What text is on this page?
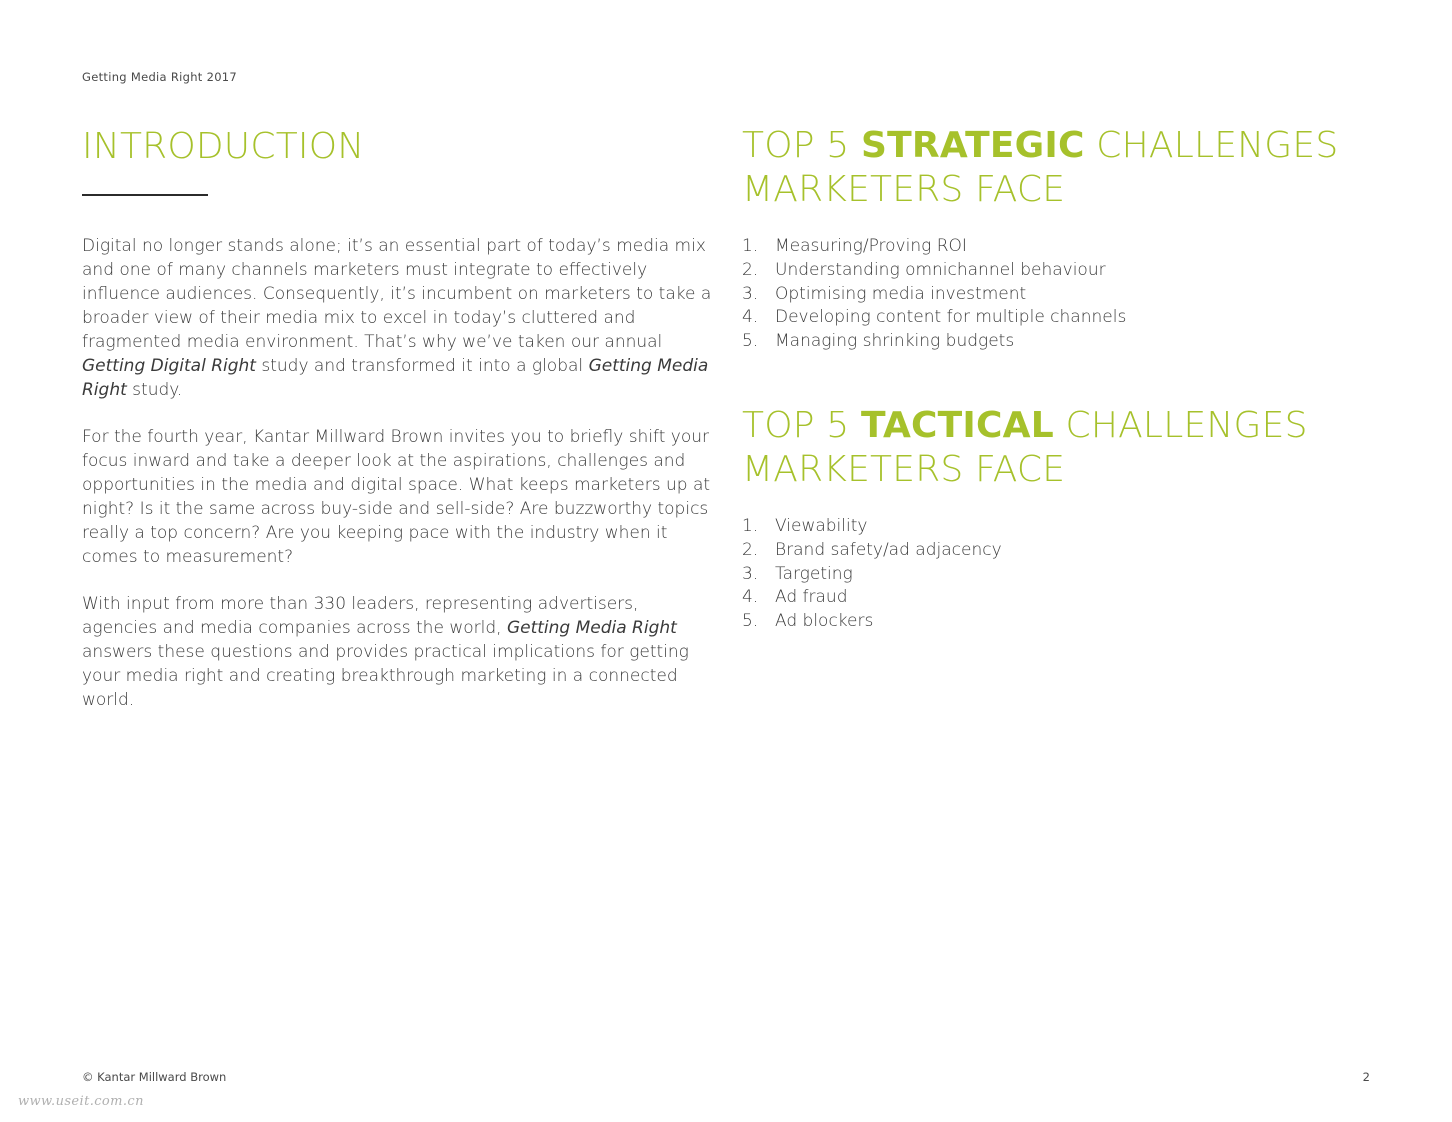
Getting Media Right 2017
INTRODUCTION

Digital no longer stands alone; it’s an essential part of today’s media mix and one of many channels marketers must integrate to effectively influence audiences. Consequently, it’s incumbent on marketers to take a broader view of their media mix to excel in today’s cluttered and fragmented media environment. That’s why we’ve taken our annual Getting Digital Right study and transformed it into a global Getting Media Right study.

For the fourth year, Kantar Millward Brown invites you to briefly shift your focus inward and take a deeper look at the aspirations, challenges and opportunities in the media and digital space. What keeps marketers up at night? Is it the same across buy-side and sell-side? Are buzzworthy topics really a top concern? Are you keeping pace with the industry when it comes to measurement?

With input from more than 330 leaders, representing advertisers, agencies and media companies across the world, Getting Media Right answers these questions and provides practical implications for getting your media right and creating breakthrough marketing in a connected world.

TOP 5 STRATEGIC CHALLENGES
MARKETERS FACE
1. Measuring/Proving ROI
2. Understanding omnichannel behaviour
3. Optimising media investment
4. Developing content for multiple channels
5. Managing shrinking budgets
TOP 5 TACTICAL CHALLENGES
MARKETERS FACE
1. Viewability
2. Brand safety/ad adjacency
3. Targeting
4. Ad fraud
5. Ad blockers
© Kantar Millward Brown	2
www.useit.com.cn
